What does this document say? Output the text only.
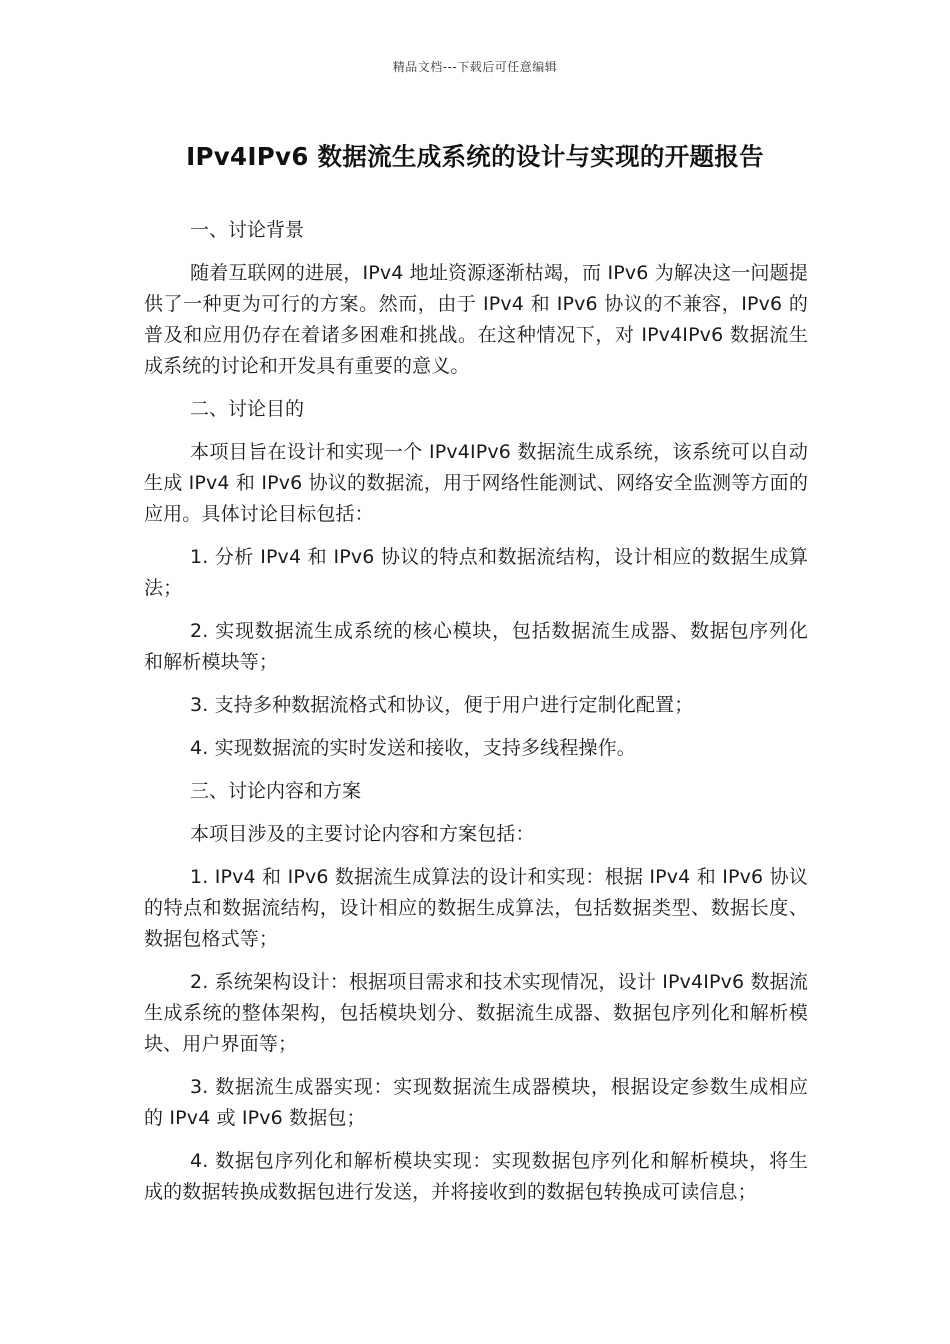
精品文档---下载后可任意编辑
IPv4IPv6 数据流生成系统的设计与实现的开题报告

一、讨论背景

随着互联网的进展，IPv4 地址资源逐渐枯竭，而 IPv6 为解决这一问题提供了一种更为可行的方案。然而，由于 IPv4 和 IPv6 协议的不兼容，IPv6 的普及和应用仍存在着诸多困难和挑战。在这种情况下，对 IPv4IPv6 数据流生成系统的讨论和开发具有重要的意义。

二、讨论目的

本项目旨在设计和实现一个 IPv4IPv6 数据流生成系统，该系统可以自动生成 IPv4 和 IPv6 协议的数据流，用于网络性能测试、网络安全监测等方面的应用。具体讨论目标包括：

1. 分析 IPv4 和 IPv6 协议的特点和数据流结构，设计相应的数据生成算法；

2. 实现数据流生成系统的核心模块，包括数据流生成器、数据包序列化和解析模块等；

3. 支持多种数据流格式和协议，便于用户进行定制化配置；

4. 实现数据流的实时发送和接收，支持多线程操作。

三、讨论内容和方案

本项目涉及的主要讨论内容和方案包括：

1. IPv4 和 IPv6 数据流生成算法的设计和实现：根据 IPv4 和 IPv6 协议的特点和数据流结构，设计相应的数据生成算法，包括数据类型、数据长度、数据包格式等；

2. 系统架构设计：根据项目需求和技术实现情况，设计 IPv4IPv6 数据流生成系统的整体架构，包括模块划分、数据流生成器、数据包序列化和解析模块、用户界面等；

3. 数据流生成器实现：实现数据流生成器模块，根据设定参数生成相应的 IPv4 或 IPv6 数据包；

4. 数据包序列化和解析模块实现：实现数据包序列化和解析模块，将生成的数据转换成数据包进行发送，并将接收到的数据包转换成可读信息；
